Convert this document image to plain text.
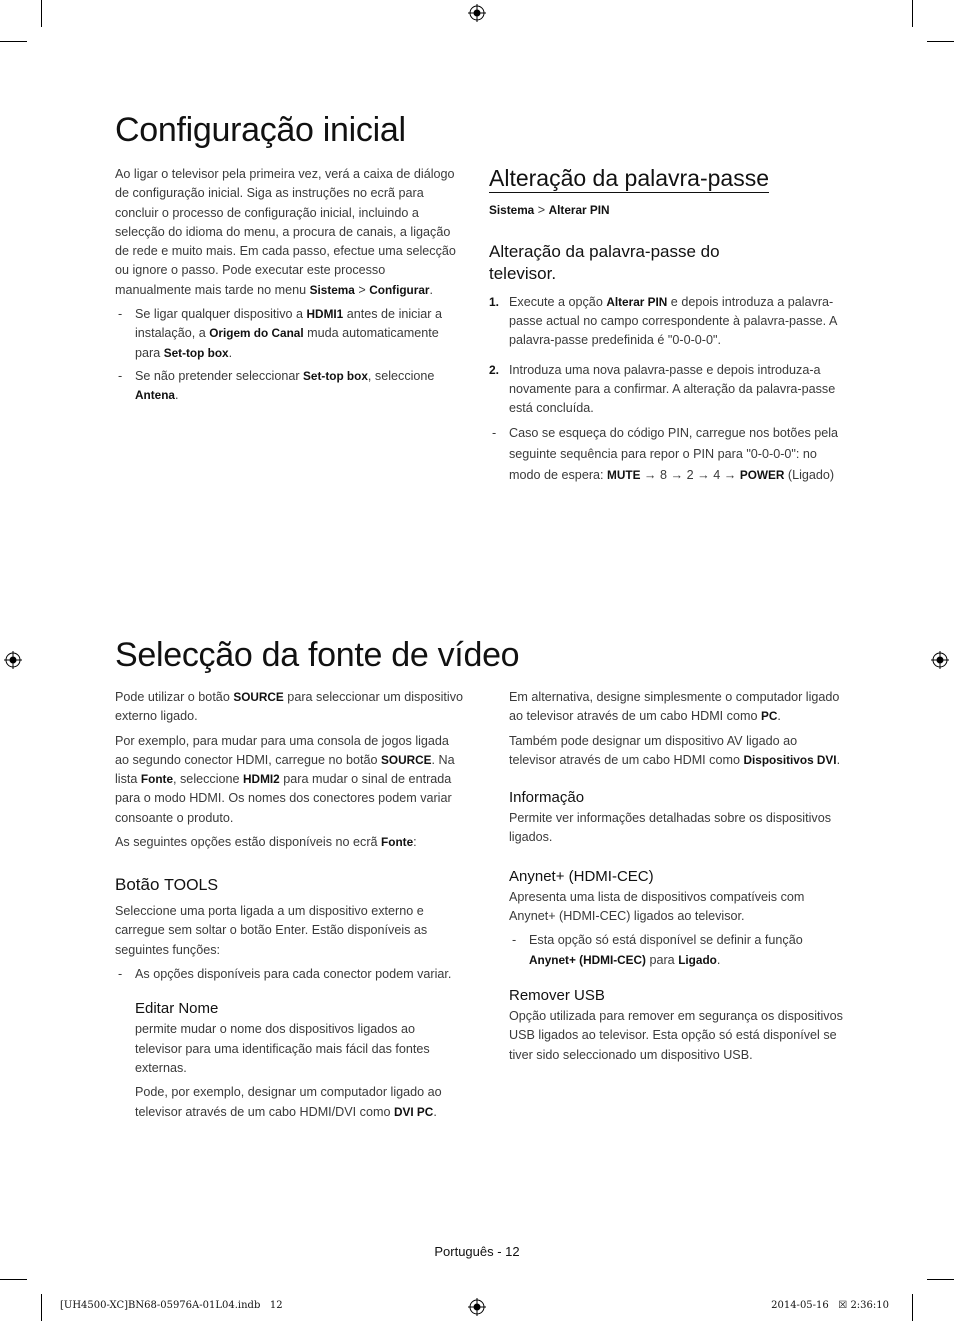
Configuração inicial

Ao ligar o televisor pela primeira vez, verá a caixa de diálogo de configuração inicial. Siga as instruções no ecrã para concluir o processo de configuração inicial, incluindo a selecção do idioma do menu, a procura de canais, a ligação de rede e muito mais. Em cada passo, efectue uma selecção ou ignore o passo. Pode executar este processo manualmente mais tarde no menu Sistema > Configurar.

- Se ligar qualquer dispositivo a HDMI1 antes de iniciar a instalação, a Origem do Canal muda automaticamente para Set-top box.

- Se não pretender seleccionar Set-top box, seleccione Antena.

Alteração da palavra-passe

Sistema > Alterar PIN

Alteração da palavra-passe do televisor.

1. Execute a opção Alterar PIN e depois introduza a palavra-passe actual no campo correspondente à palavra-passe. A palavra-passe predefinida é "0-0-0-0".

2. Introduza uma nova palavra-passe e depois introduza-a novamente para a confirmar. A alteração da palavra-passe está concluída.

- Caso se esqueça do código PIN, carregue nos botões pela seguinte sequência para repor o PIN para "0-0-0-0": no modo de espera: MUTE → 8 → 2 → 4 → POWER (Ligado)

Selecção da fonte de vídeo

Pode utilizar o botão SOURCE para seleccionar um dispositivo externo ligado.

Por exemplo, para mudar para uma consola de jogos ligada ao segundo conector HDMI, carregue no botão SOURCE. Na lista Fonte, seleccione HDMI2 para mudar o sinal de entrada para o modo HDMI. Os nomes dos conectores podem variar consoante o produto.

As seguintes opções estão disponíveis no ecrã Fonte:

Botão TOOLS

Seleccione uma porta ligada a um dispositivo externo e carregue sem soltar o botão Enter. Estão disponíveis as seguintes funções:

- As opções disponíveis para cada conector podem variar.

Editar Nome

permite mudar o nome dos dispositivos ligados ao televisor para uma identificação mais fácil das fontes externas.

Pode, por exemplo, designar um computador ligado ao televisor através de um cabo HDMI/DVI como DVI PC.

Em alternativa, designe simplesmente o computador ligado ao televisor através de um cabo HDMI como PC.

Também pode designar um dispositivo AV ligado ao televisor através de um cabo HDMI como Dispositivos DVI.

Informação

Permite ver informações detalhadas sobre os dispositivos ligados.

Anynet+ (HDMI-CEC)

Apresenta uma lista de dispositivos compatíveis com Anynet+ (HDMI-CEC) ligados ao televisor.

- Esta opção só está disponível se definir a função Anynet+ (HDMI-CEC) para Ligado.

Remover USB

Opção utilizada para remover em segurança os dispositivos USB ligados ao televisor. Esta opção só está disponível se tiver sido seleccionado um dispositivo USB.

Português - 12
[UH4500-XC]BN68-05976A-01L04.indb   12	2014-05-16   ☒ 2:36:10
